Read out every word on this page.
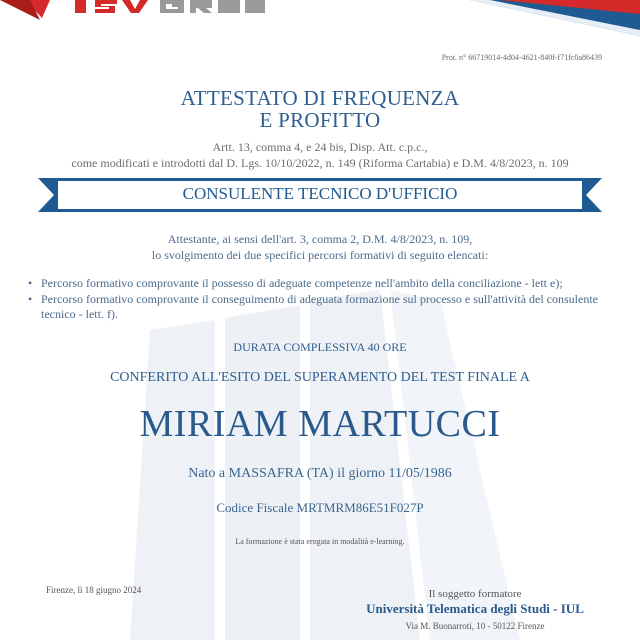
Prot. n° 66719014-4d04-4621-840f-f71fc0a86439
ATTESTATO DI FREQUENZA
E PROFITTO
Artt. 13, comma 4, e 24 bis, Disp. Att. c.p.c.,
come modificati e introdotti dal D. Lgs. 10/10/2022, n. 149 (Riforma Cartabia) e D.M. 4/8/2023, n. 109
CONSULENTE TECNICO D'UFFICIO
Attestante, ai sensi dell'art. 3, comma 2, D.M. 4/8/2023, n. 109,
lo svolgimento dei due specifici percorsi formativi di seguito elencati:
• Percorso formativo comprovante il possesso di adeguate competenze nell'ambito della conciliazione - lett e);
• Percorso formativo comprovante il conseguimento di adeguata formazione sul processo e sull'attività del consulente tecnico - lett. f).
DURATA COMPLESSIVA 40 ORE
CONFERITO ALL'ESITO DEL SUPERAMENTO DEL TEST FINALE A
MIRIAM MARTUCCI
Nato a MASSAFRA (TA) il giorno 11/05/1986
Codice Fiscale MRTMRM86E51F027P
La formazione è stata erogata in modalità e-learning.
Firenze, lì 18 giugno 2024	Il soggetto formatore
Università Telematica degli Studi - IUL
Via M. Buonarroti, 10 - 50122 Firenze
